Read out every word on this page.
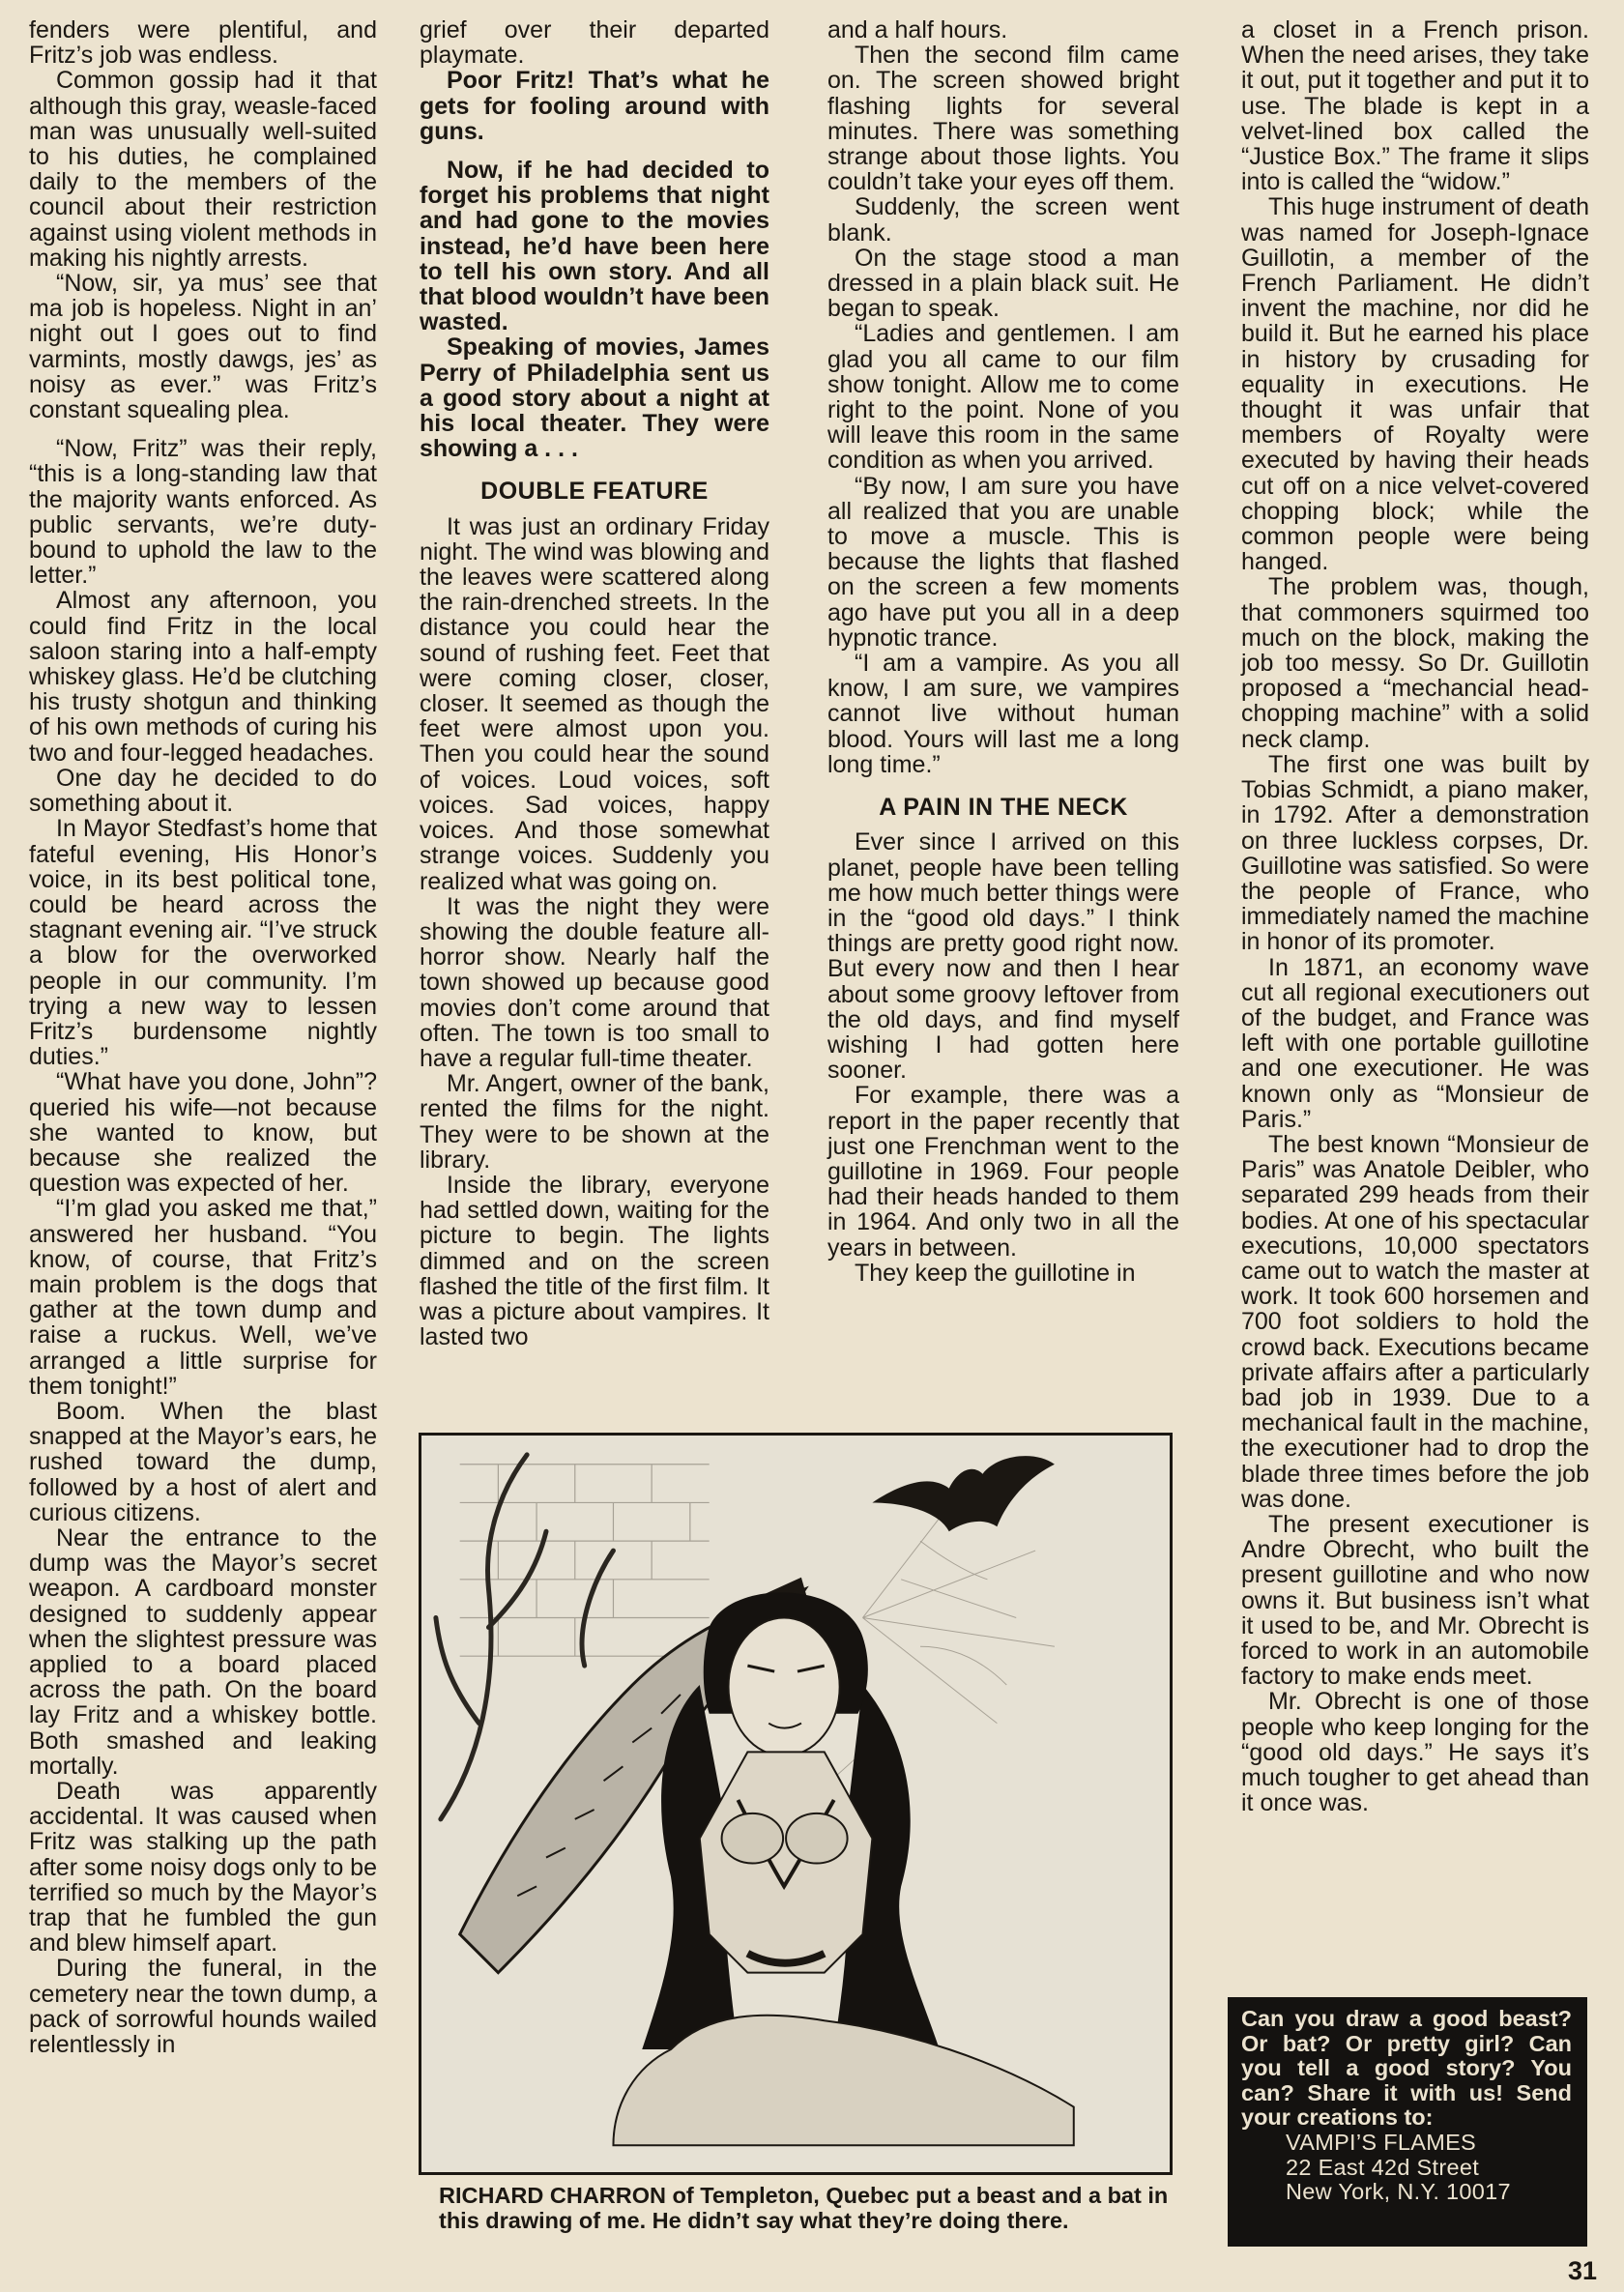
fenders were plentiful, and Fritz’s job was endless.

Common gossip had it that although this gray, weasle-faced man was unusually well-suited to his duties, he complained daily to the members of the council about their restriction against using violent methods in making his nightly arrests.

“Now, sir, ya mus’ see that ma job is hopeless. Night in an’ night out I goes out to find varmints, mostly dawgs, jes’ as noisy as ever.” was Fritz’s constant squealing plea.

“Now, Fritz” was their reply, “this is a long-standing law that the majority wants enforced. As public servants, we’re duty-bound to uphold the law to the letter.”

Almost any afternoon, you could find Fritz in the local saloon staring into a half-empty whiskey glass. He’d be clutching his trusty shotgun and thinking of his own methods of curing his two and four-legged headaches.

One day he decided to do something about it.

In Mayor Stedfast’s home that fateful evening, His Honor’s voice, in its best political tone, could be heard across the stagnant evening air. “I’ve struck a blow for the overworked people in our community. I’m trying a new way to lessen Fritz’s burdensome nightly duties.”

“What have you done, John”? queried his wife—not because she wanted to know, but because she realized the question was expected of her.

“I’m glad you asked me that,” answered her husband. “You know, of course, that Fritz’s main problem is the dogs that gather at the town dump and raise a ruckus. Well, we’ve arranged a little surprise for them tonight!”

Boom. When the blast snapped at the Mayor’s ears, he rushed toward the dump, followed by a host of alert and curious citizens.

Near the entrance to the dump was the Mayor’s secret weapon. A cardboard monster designed to suddenly appear when the slightest pressure was applied to a board placed across the path. On the board lay Fritz and a whiskey bottle. Both smashed and leaking mortally.

Death was apparently accidental. It was caused when Fritz was stalking up the path after some noisy dogs only to be terrified so much by the Mayor’s trap that he fumbled the gun and blew himself apart.

During the funeral, in the cemetery near the town dump, a pack of sorrowful hounds wailed relentlessly in

grief over their departed playmate.

Poor Fritz! That’s what he gets for fooling around with guns.

Now, if he had decided to forget his problems that night and had gone to the movies instead, he’d have been here to tell his own story. And all that blood wouldn’t have been wasted.

Speaking of movies, James Perry of Philadelphia sent us a good story about a night at his local theater. They were showing a . . .

DOUBLE FEATURE

It was just an ordinary Friday night. The wind was blowing and the leaves were scattered along the rain-drenched streets. In the distance you could hear the sound of rushing feet. Feet that were coming closer, closer, closer. It seemed as though the feet were almost upon you. Then you could hear the sound of voices. Loud voices, soft voices. Sad voices, happy voices. And those somewhat strange voices. Suddenly you realized what was going on.

It was the night they were showing the double feature all-horror show. Nearly half the town showed up because good movies don’t come around that often. The town is too small to have a regular full-time theater.

Mr. Angert, owner of the bank, rented the films for the night. They were to be shown at the library.

Inside the library, everyone had settled down, waiting for the picture to begin. The lights dimmed and on the screen flashed the title of the first film. It was a picture about vampires. It lasted two

and a half hours.

Then the second film came on. The screen showed bright flashing lights for several minutes. There was something strange about those lights. You couldn’t take your eyes off them.

Suddenly, the screen went blank.

On the stage stood a man dressed in a plain black suit. He began to speak.

“Ladies and gentlemen. I am glad you all came to our film show tonight. Allow me to come right to the point. None of you will leave this room in the same condition as when you arrived.

“By now, I am sure you have all realized that you are unable to move a muscle. This is because the lights that flashed on the screen a few moments ago have put you all in a deep hypnotic trance.

“I am a vampire. As you all know, I am sure, we vampires cannot live without human blood. Yours will last me a long long time.”

A PAIN IN THE NECK

Ever since I arrived on this planet, people have been telling me how much better things were in the “good old days.” I think things are pretty good right now. But every now and then I hear about some groovy leftover from the old days, and find myself wishing I had gotten here sooner.

For example, there was a report in the paper recently that just one Frenchman went to the guillotine in 1969. Four people had their heads handed to them in 1964. And only two in all the years in between.

They keep the guillotine in

a closet in a French prison. When the need arises, they take it out, put it together and put it to use. The blade is kept in a velvet-lined box called the “Justice Box.” The frame it slips into is called the “widow.”

This huge instrument of death was named for Joseph-Ignace Guillotin, a member of the French Parliament. He didn’t invent the machine, nor did he build it. But he earned his place in history by crusading for equality in executions. He thought it was unfair that members of Royalty were executed by having their heads cut off on a nice velvet-covered chopping block; while the common people were being hanged.

The problem was, though, that commoners squirmed too much on the block, making the job too messy. So Dr. Guillotin proposed a “mechancial head-chopping machine” with a solid neck clamp.

The first one was built by Tobias Schmidt, a piano maker, in 1792. After a demonstration on three luckless corpses, Dr. Guillotine was satisfied. So were the people of France, who immediately named the machine in honor of its promoter.

In 1871, an economy wave cut all regional executioners out of the budget, and France was left with one portable guillotine and one executioner. He was known only as “Monsieur de Paris.”

The best known “Monsieur de Paris” was Anatole Deibler, who separated 299 heads from their bodies. At one of his spectacular executions, 10,000 spectators came out to watch the master at work. It took 600 horsemen and 700 foot soldiers to hold the crowd back. Executions became private affairs after a particularly bad job in 1939. Due to a mechanical fault in the machine, the executioner had to drop the blade three times before the job was done.

The present executioner is Andre Obrecht, who built the present guillotine and who now owns it. But business isn’t what it used to be, and Mr. Obrecht is forced to work in an automobile factory to make ends meet.

Mr. Obrecht is one of those people who keep longing for the “good old days.” He says it’s much tougher to get ahead than it once was.

RICHARD CHARRON of Templeton, Quebec put a beast and a bat in this drawing of me. He didn’t say what they’re doing there.
Can you draw a good beast? Or bat? Or pretty girl? Can you tell a good story? You can? Share it with us! Send your creations to:
VAMPI’S FLAMES
22 East 42d Street
New York, N.Y. 10017
31
